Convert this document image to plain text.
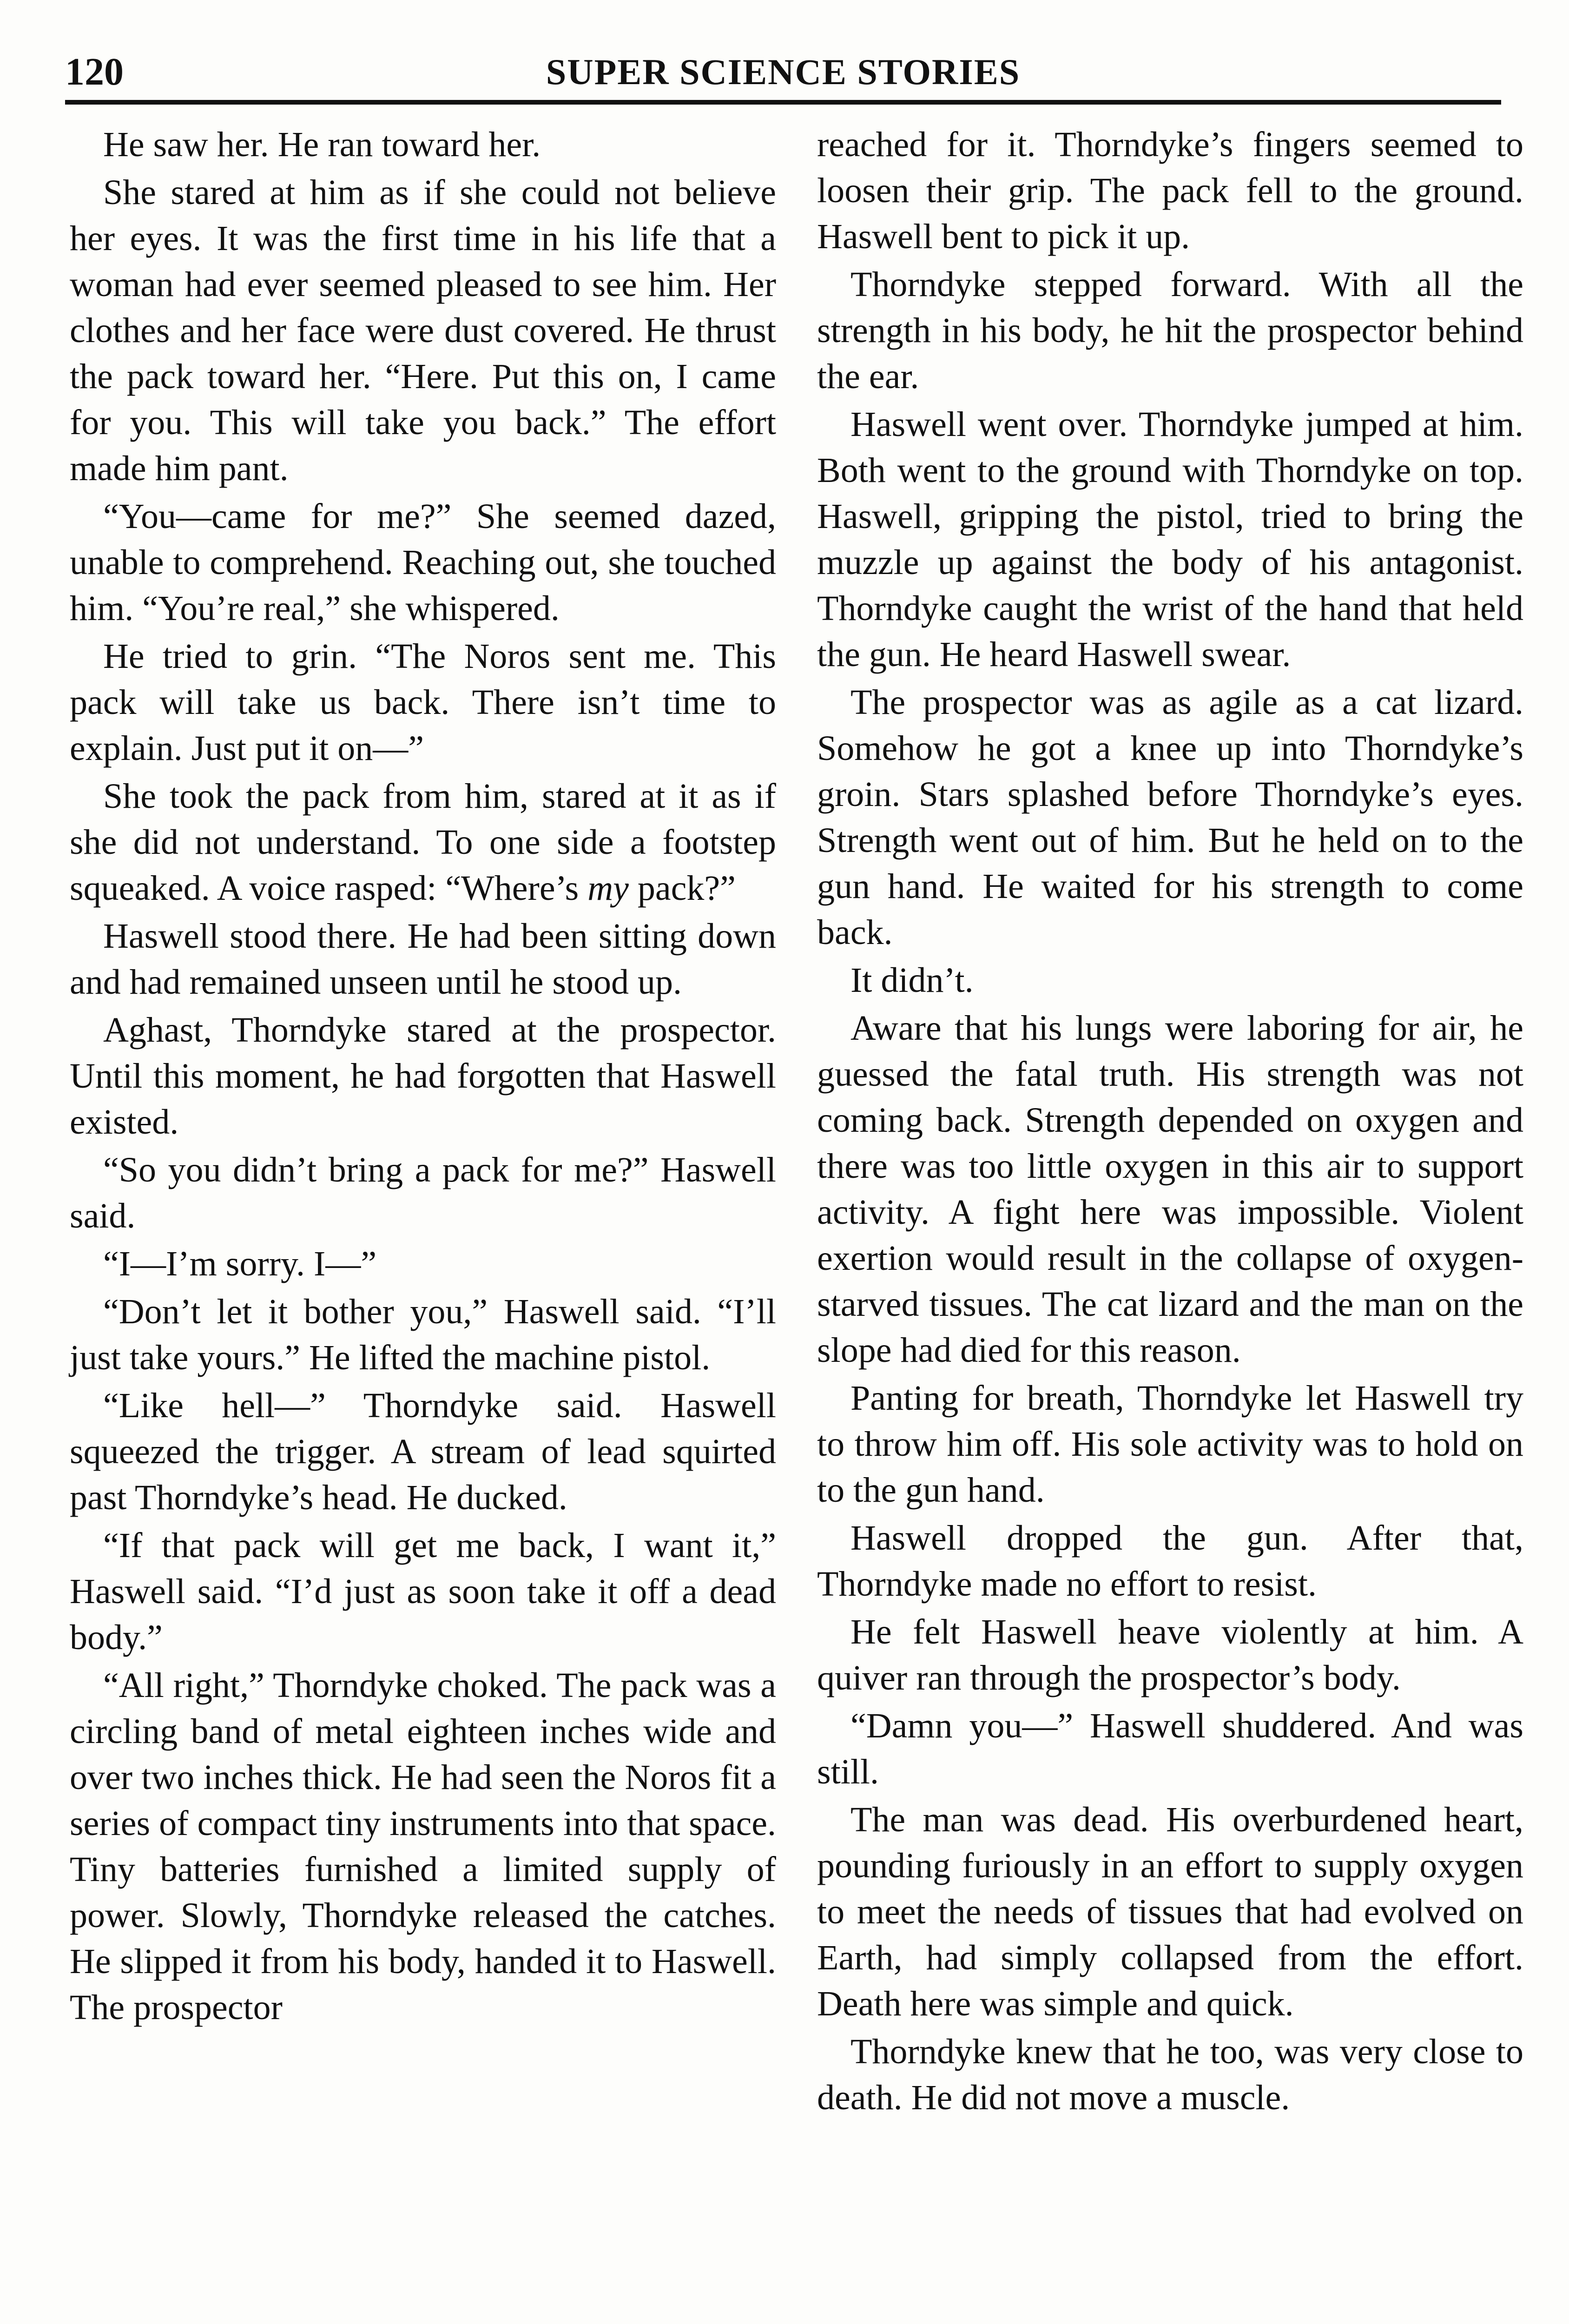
120	SUPER SCIENCE STORIES

He saw her. He ran toward her.

She stared at him as if she could not believe her eyes. It was the first time in his life that a woman had ever seemed pleased to see him. Her clothes and her face were dust covered. He thrust the pack toward her. “Here. Put this on, I came for you. This will take you back.” The effort made him pant.

“You—came for me?” She seemed dazed, unable to comprehend. Reaching out, she touched him. “You’re real,” she whispered.

He tried to grin. “The Noros sent me. This pack will take us back. There isn’t time to explain. Just put it on—”

She took the pack from him, stared at it as if she did not understand. To one side a footstep squeaked. A voice rasped: “Where’s my pack?”

Haswell stood there. He had been sitting down and had remained unseen until he stood up.

Aghast, Thorndyke stared at the prospector. Until this moment, he had forgotten that Haswell existed.

“So you didn’t bring a pack for me?” Haswell said.

“I—I’m sorry. I—”

“Don’t let it bother you,” Haswell said. “I’ll just take yours.” He lifted the machine pistol.

“Like hell—” Thorndyke said. Haswell squeezed the trigger. A stream of lead squirted past Thorndyke’s head. He ducked.

“If that pack will get me back, I want it,” Haswell said. “I’d just as soon take it off a dead body.”

“All right,” Thorndyke choked. The pack was a circling band of metal eighteen inches wide and over two inches thick. He had seen the Noros fit a series of compact tiny instruments into that space. Tiny batteries furnished a limited supply of power. Slowly, Thorndyke released the catches. He slipped it from his body, handed it to Haswell. The prospector

reached for it. Thorndyke’s fingers seemed to loosen their grip. The pack fell to the ground. Haswell bent to pick it up.

Thorndyke stepped forward. With all the strength in his body, he hit the prospector behind the ear.

Haswell went over. Thorndyke jumped at him. Both went to the ground with Thorndyke on top. Haswell, gripping the pistol, tried to bring the muzzle up against the body of his antagonist. Thorndyke caught the wrist of the hand that held the gun. He heard Haswell swear.

The prospector was as agile as a cat lizard. Somehow he got a knee up into Thorndyke’s groin. Stars splashed before Thorndyke’s eyes. Strength went out of him. But he held on to the gun hand. He waited for his strength to come back.

It didn’t.

Aware that his lungs were laboring for air, he guessed the fatal truth. His strength was not coming back. Strength depended on oxygen and there was too little oxygen in this air to support activity. A fight here was impossible. Violent exertion would result in the collapse of oxygen-starved tissues. The cat lizard and the man on the slope had died for this reason.

Panting for breath, Thorndyke let Haswell try to throw him off. His sole activity was to hold on to the gun hand.

Haswell dropped the gun. After that, Thorndyke made no effort to resist.

He felt Haswell heave violently at him. A quiver ran through the prospector’s body.

“Damn you—” Haswell shuddered. And was still.

The man was dead. His overburdened heart, pounding furiously in an effort to supply oxygen to meet the needs of tissues that had evolved on Earth, had simply collapsed from the effort. Death here was simple and quick.

Thorndyke knew that he too, was very close to death. He did not move a muscle.
